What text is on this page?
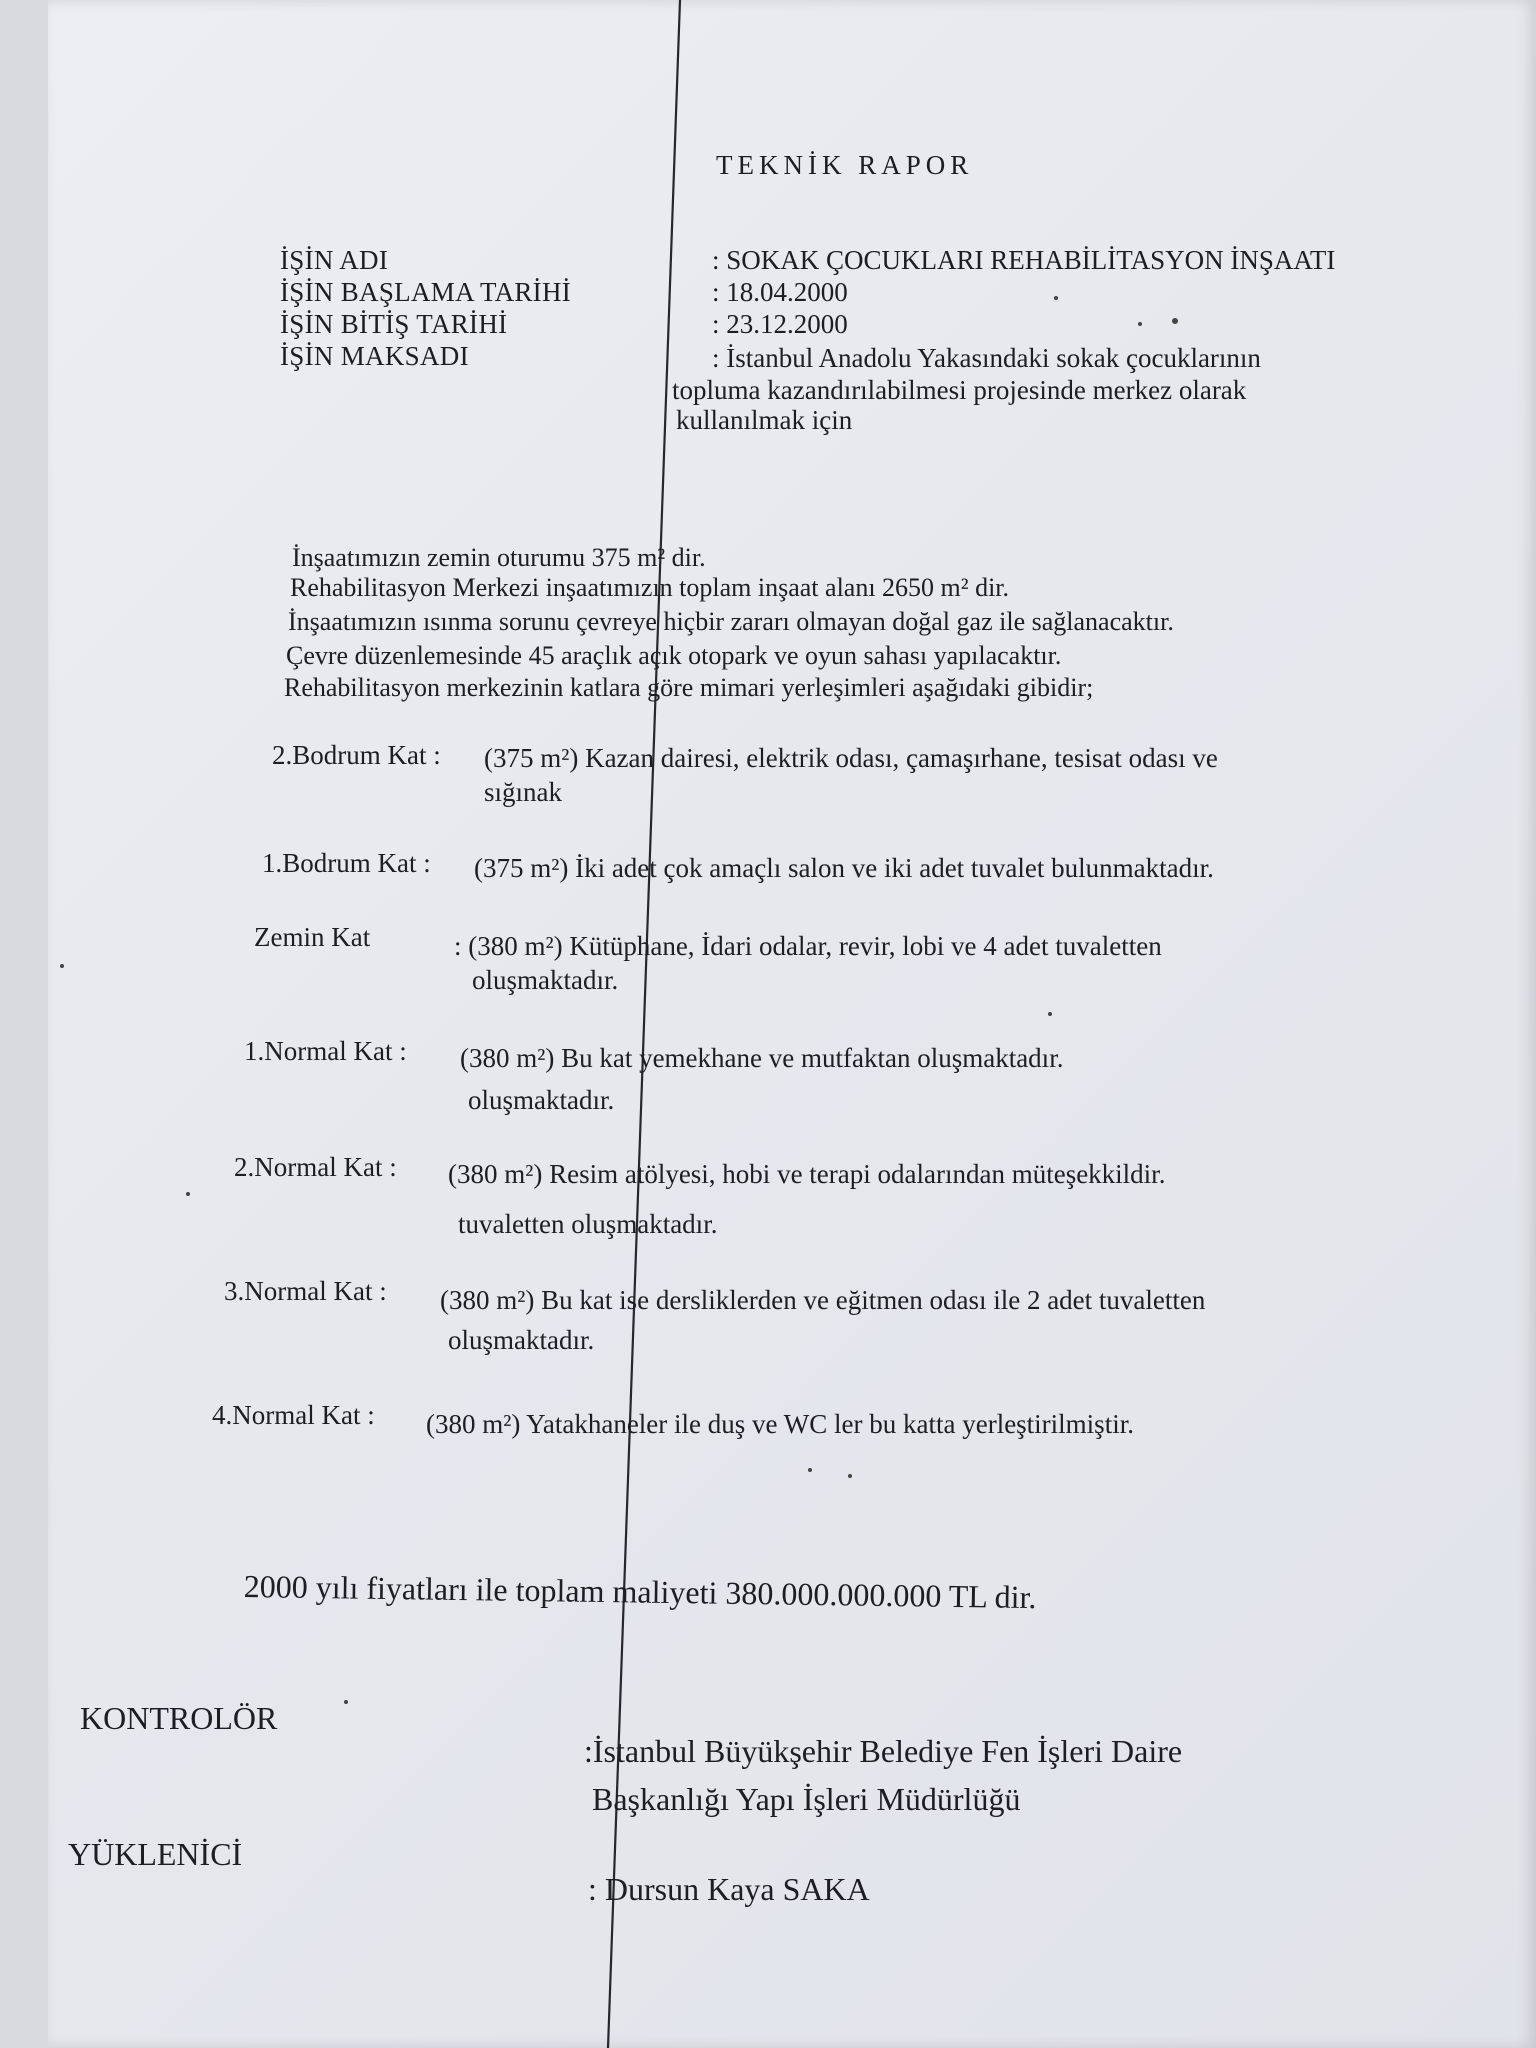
TEKNİK RAPOR
İŞİN ADI	: SOKAK ÇOCUKLARI REHABİLİTASYON İNŞAATI
İŞİN BAŞLAMA TARİHİ	: 18.04.2000
İŞİN BİTİŞ TARİHİ	: 23.12.2000
İŞİN MAKSADI	: İstanbul Anadolu Yakasındaki sokak çocuklarının
topluma kazandırılabilmesi projesinde merkez olarak
kullanılmak için
İnşaatımızın zemin oturumu 375 m² dir.
Rehabilitasyon Merkezi inşaatımızın toplam inşaat alanı 2650 m² dir.
İnşaatımızın ısınma sorunu çevreye hiçbir zararı olmayan doğal gaz ile sağlanacaktır.
Çevre düzenlemesinde 45 araçlık açık otopark ve oyun sahası yapılacaktır.
Rehabilitasyon merkezinin katlara göre mimari yerleşimleri aşağıdaki gibidir;
2.Bodrum Kat : (375 m²) Kazan dairesi, elektrik odası, çamaşırhane, tesisat odası ve
sığınak
1.Bodrum Kat : (375 m²) İki adet çok amaçlı salon ve iki adet tuvalet bulunmaktadır.
Zemin Kat	: (380 m²) Kütüphane, İdari odalar, revir, lobi ve 4 adet tuvaletten
oluşmaktadır.
1.Normal Kat : (380 m²) Bu kat yemekhane ve mutfaktan oluşmaktadır.
oluşmaktadır.
2.Normal Kat : (380 m²) Resim atölyesi, hobi ve terapi odalarından müteşekkildir.
tuvaletten oluşmaktadır.
3.Normal Kat : (380 m²) Bu kat ise dersliklerden ve eğitmen odası ile 2 adet tuvaletten
oluşmaktadır.
4.Normal Kat : (380 m²) Yatakhaneler ile duş ve WC ler bu katta yerleştirilmiştir.
2000 yılı fiyatları ile toplam maliyeti 380.000.000.000 TL dir.
KONTROLÖR
:İstanbul Büyükşehir Belediye Fen İşleri Daire
Başkanlığı Yapı İşleri Müdürlüğü
YÜKLENİCİ
: Dursun Kaya SAKA
